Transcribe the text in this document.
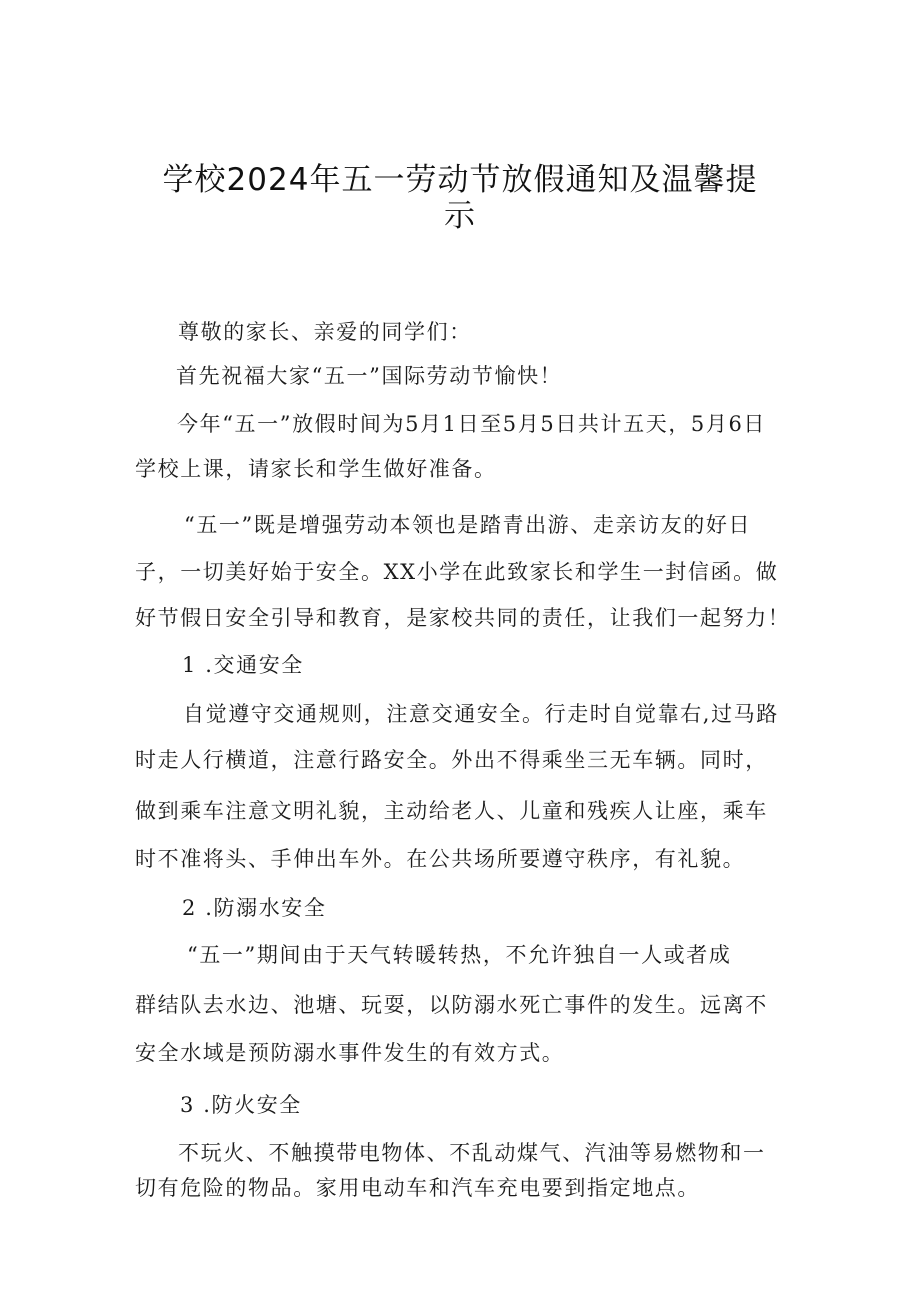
学校2024年五一劳动节放假通知及温馨提
示
尊敬的家长、亲爱的同学们：
首先祝福大家“五一”国际劳动节愉快！
今年“五一”放假时间为5月1日至5月5日共计五天，5月6日
学校上课，请家长和学生做好准备。
“五一”既是增强劳动本领也是踏青出游、走亲访友的好日
子，一切美好始于安全。XX小学在此致家长和学生一封信函。做
好节假日安全引导和教育，是家校共同的责任，让我们一起努力！
1 .交通安全
自觉遵守交通规则，注意交通安全。行走时自觉靠右,过马路
时走人行横道，注意行路安全。外出不得乘坐三无车辆。同时，
做到乘车注意文明礼貌，主动给老人、儿童和残疾人让座，乘车
时不准将头、手伸出车外。在公共场所要遵守秩序，有礼貌。
2 .防溺水安全
“五一”期间由于天气转暖转热，不允许独自一人或者成
群结队去水边、池塘、玩耍，以防溺水死亡事件的发生。远离不
安全水域是预防溺水事件发生的有效方式。
3 .防火安全
不玩火、不触摸带电物体、不乱动煤气、汽油等易燃物和一
切有危险的物品。家用电动车和汽车充电要到指定地点。
